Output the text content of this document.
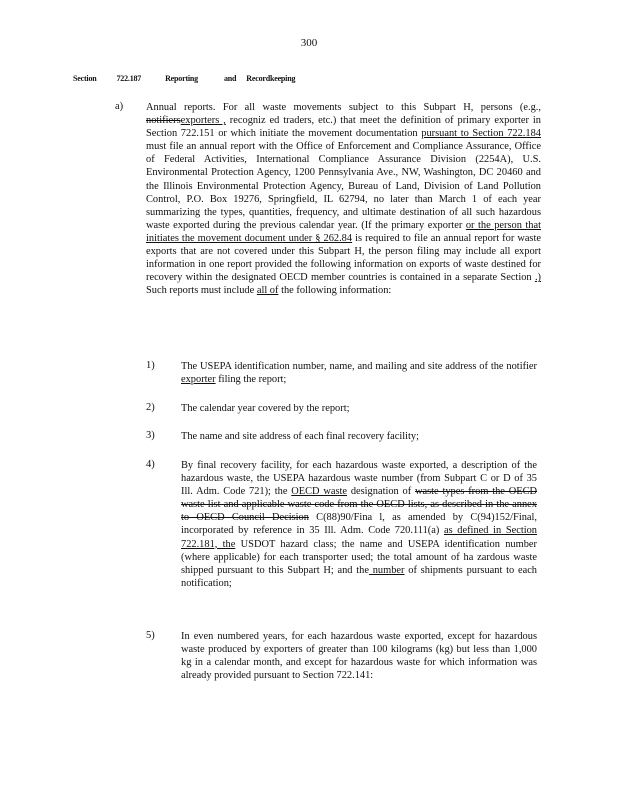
300
Section	722.187	Reporting	and Recordkeeping
a) Annual reports. For all waste movements subject to this Subpart H, persons (e.g., notifiersexporters , recogniz ed traders, etc.) that meet the definition of primary exporter in Section 722.151 or which initiate the movement documentation pursuant to Section 722.184 must file an annual report with the Office of Enforcement and Compliance Assurance, Office of Federal Activities, International Compliance Assurance Division (2254A), U.S. Environmental Protection Agency, 1200 Pennsylvania Ave., NW, Washington, DC 20460 and the Illinois Environmental Protection Agency, Bureau of Land, Division of Land Pollution Control, P.O. Box 19276, Springfield, IL 62794, no later than March 1 of each year summarizing the types, quantities, frequency, and ultimate destination of all such hazardous waste exported during the previous calendar year. (If the primary exporter or the person that initiates the movement document under § 262.84 is required to file an annual report for waste exports that are not covered under this Subpart H, the person filing may include all export information in one report provided the following information on exports of waste destined for recovery within the designated OECD member countries is contained in a separate Section .) Such reports must include all of the following information:
1)	The USEPA identification number, name, and mailing and site address of the notifier exporter filing the report;
2)	The calendar year covered by the report;
3)	The name and site address of each final recovery facility;
4)	By final recovery facility, for each hazardous waste exported, a description of the hazardous waste, the USEPA hazardous waste number (from Subpart C or D of 35 Ill. Adm. Code 721); the OECD waste designation of waste types from the OECD waste list and applicable waste code from the OECD lists, as described in the annex to OECD Council Decision C(88)90/Fina l, as amended by C(94)152/Final, incorporated by reference in 35 Ill. Adm. Code 720.111(a) as defined in Section 722.181, the USDOT hazard class; the name and USEPA identification number (where applicable) for each transporter used; the total amount of ha zardous waste shipped pursuant to this Subpart H; and the number of shipments pursuant to each notification;
5)	In even numbered years, for each hazardous waste exported, except for hazardous waste produced by exporters of greater than 100 kilograms (kg) but less than 1,000 kg in a calendar month, and except for hazardous waste for which information was already provided pursuant to Section 722.141:
